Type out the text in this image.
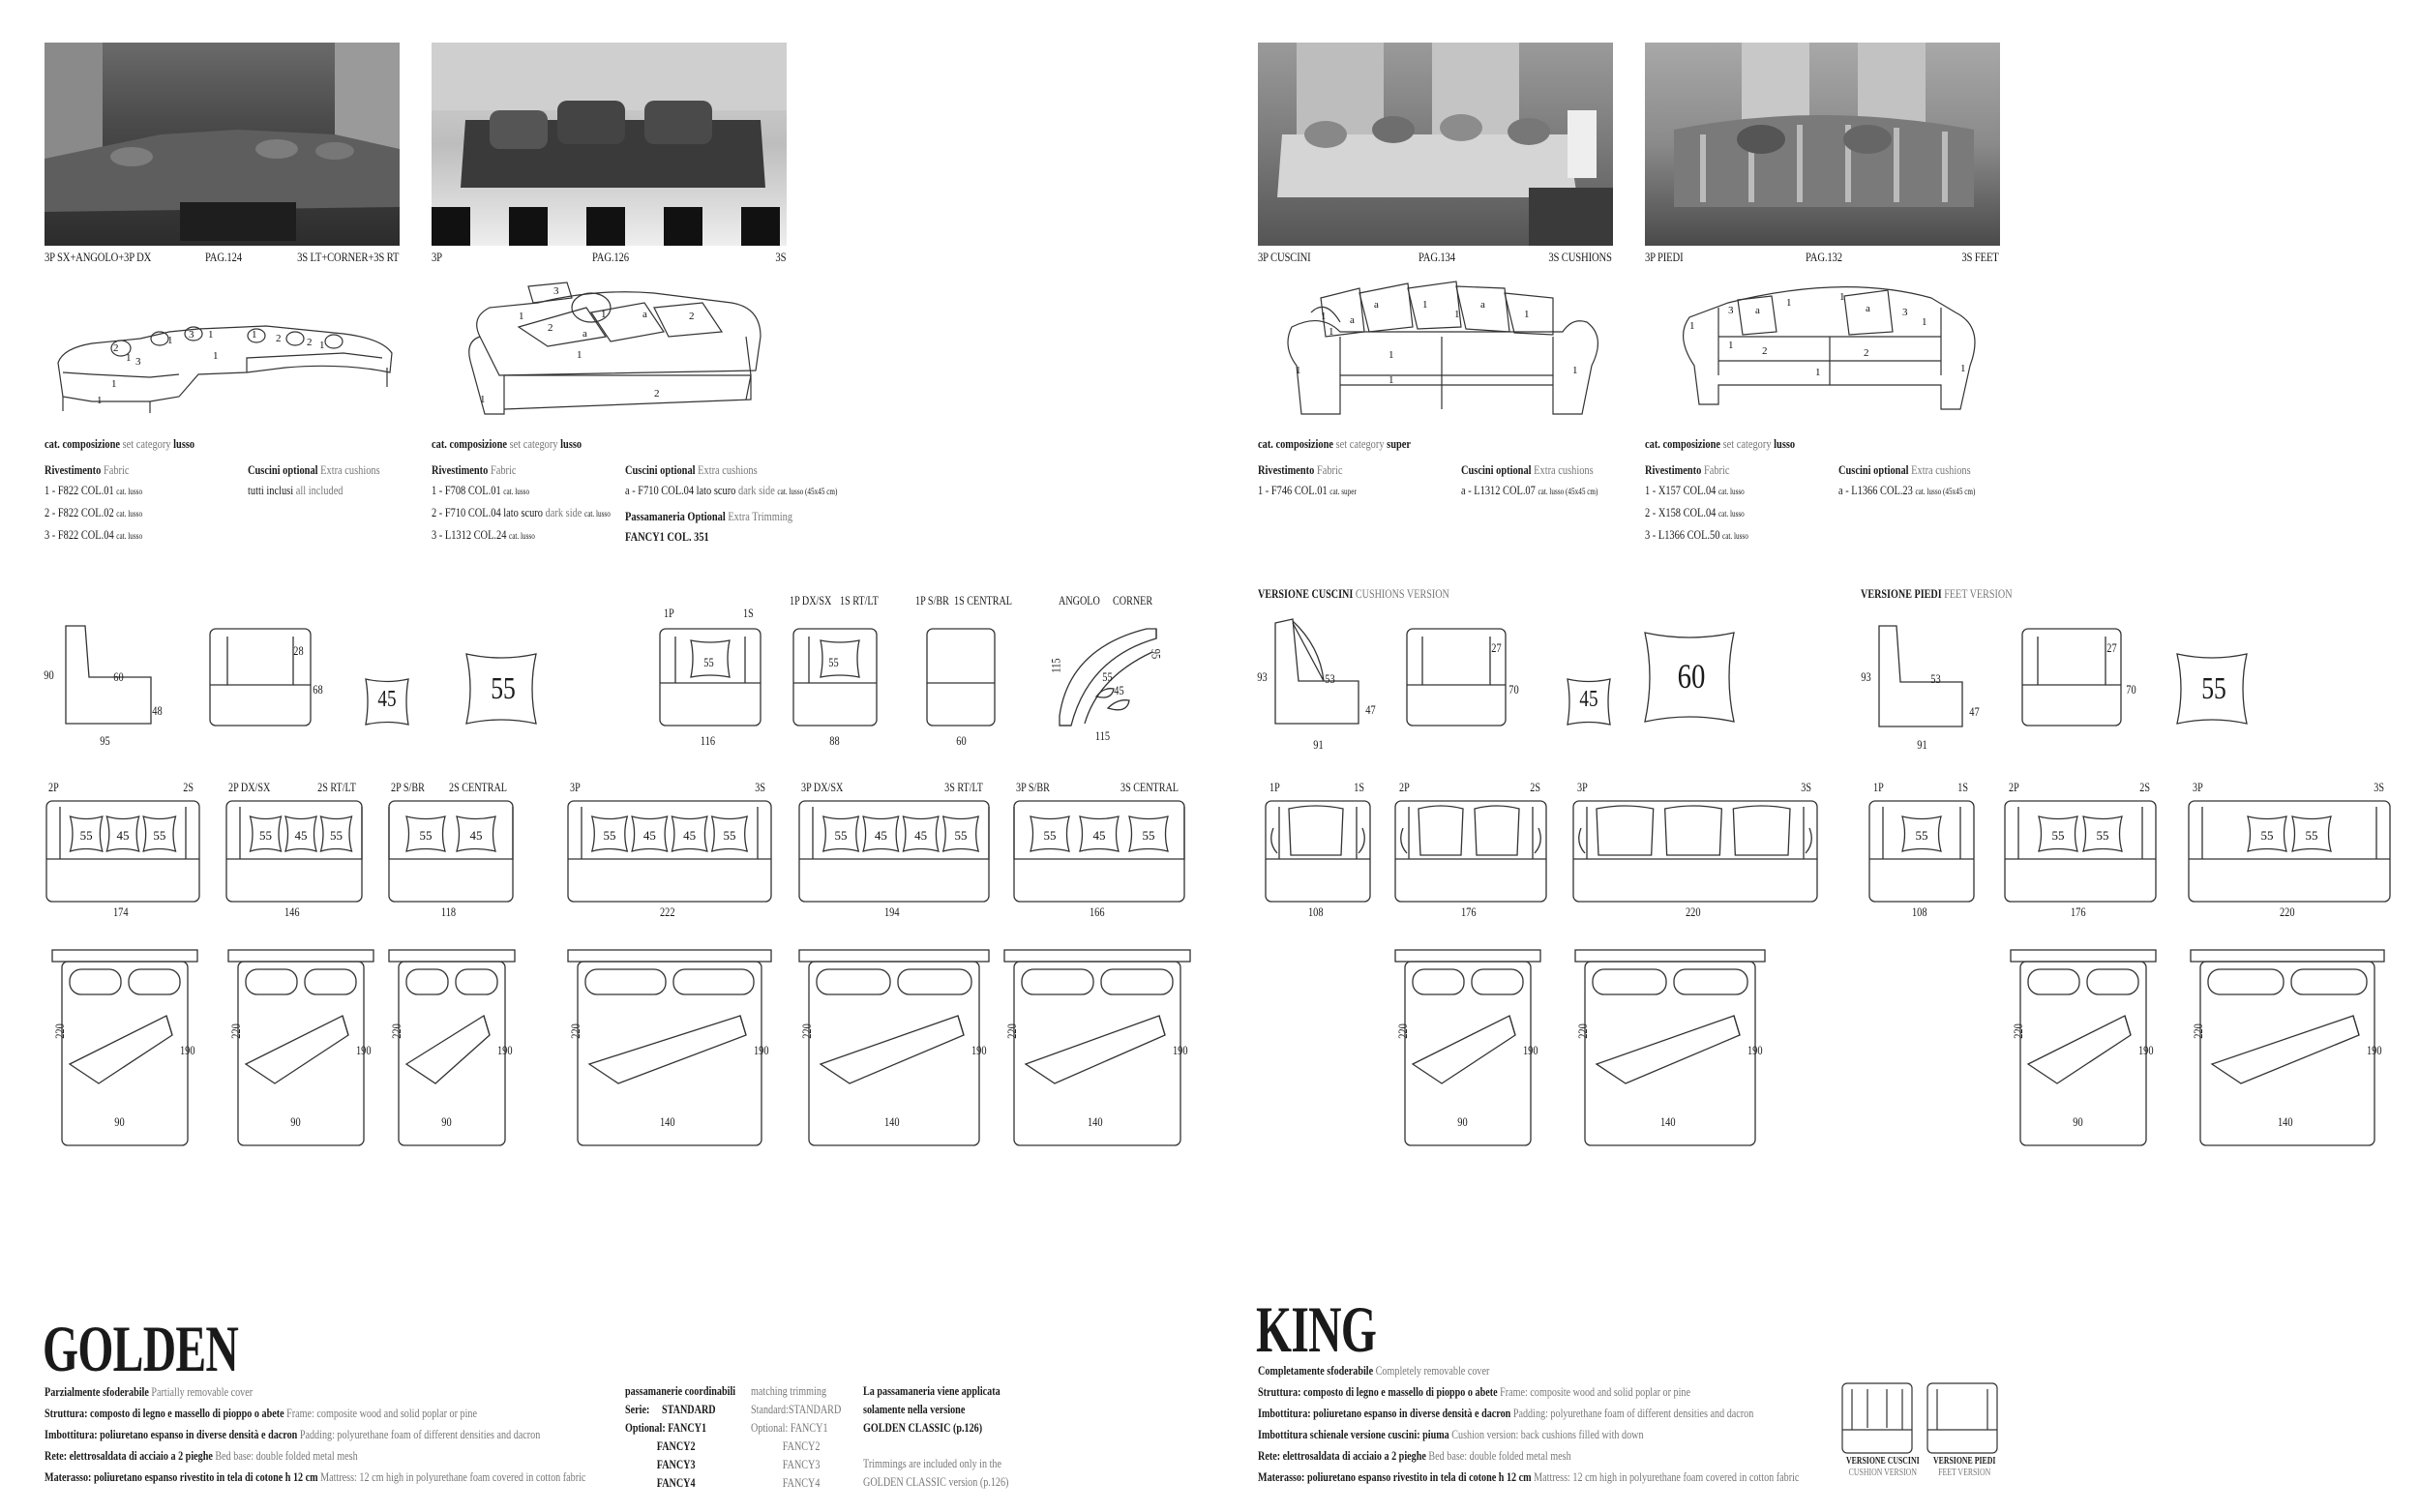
3P SX+ANGOLO+3P DX	PAG.124	3S LT+CORNER+3S RT	3P	PAG.126	3S
2
1 3
1 3 1	1 2 2 1
1
1
1
3
1
2	a
1	a	2
1
2
1
cat. composizione set category lusso
Rivestimento Fabric
1 - F822 COL.01 cat. lusso
2 - F822 COL.02 cat. lusso
3 - F822 COL.04 cat. lusso
Cuscini optional Extra cushions
tutti inclusi all included
cat. composizione set category lusso
Rivestimento Fabric
1 - F708 COL.01 cat. lusso
2 - F710 COL.04 lato scuro dark side cat. lusso
3 - L1312 COL.24 cat. lusso
Cuscini optional Extra cushions
a - F710 COL.04 lato scuro dark side cat. lusso (45x45 cm)
Passamaneria Optional Extra Trimming
FANCY1 COL. 351
3P CUSCINI	PAG.134	3S CUSHIONS	3P PIEDI	PAG.132	3S FEET
1 a
a	1
1
a
1
1
1
1	1
1
3 a
1	1
a	3
2	2
1
1
1	1
1
cat. composizione set category super
Rivestimento Fabric
1 - F746 COL.01 cat. super
Cuscini optional Extra cushions
a - L1312 COL.07 cat. lusso (45x45 cm)
cat. composizione set category lusso
Rivestimento Fabric
1 - X157 COL.04 cat. lusso
2 - X158 COL.04 cat. lusso
3 - L1366 COL.50 cat. lusso
Cuscini optional Extra cushions
a - L1366 COL.23 cat. lusso (45x45 cm)
90	60
48
95
28
68 45	55
1P	1S
55
116
1P DX/SX 1S RT/LT
55
88
1P S/BR 1S CENTRAL
60
ANGOLO CORNER
115
95
55
45
115
2P	2S
55 45 55
174
2P DX/SX	2S RT/LT
55 45 55
146
2P S/BR 2S CENTRAL
55	45
118
3P	3S
55 45 45 55
222
3P DX/SX	3S RT/LT
55 45 45 55
194
3P S/BR	3S CENTRAL
55	45	55
166
220
190
90
220
190
90
220
190
90
220
190
140
220
190
140
220
190
140
VERSIONE CUSCINI CUSHIONS VERSION
93	53
47
91
27
70	45
60
VERSIONE PIEDI FEET VERSION
93	53
47
91
27
70 55
1P	1S
108
2P	2S
176
3P	3S
220
1P	1S
55
108
2P	2S
55	55
176
3P	3S
55	55
220
220
190
90
220
190
140
220
190
90
220
190
140
GOLDEN
Parzialmente sfoderabile Partially removable cover
Struttura: composto di legno e massello di pioppo o abete Frame: composite wood and solid poplar or pine
Imbottitura: poliuretano espanso in diverse densità e dacron Padding: polyurethane foam of different densities and dacron
Rete: elettrosaldata di acciaio a 2 pieghe Bed base: double folded metal mesh
Materasso: poliuretano espanso rivestito in tela di cotone h 12 cm Mattress: 12 cm high in polyurethane foam covered in cotton fabric
passamanerie coordinabili
Serie: STANDARD
Optional: FANCY1
FANCY2
FANCY3
FANCY4
matching trimming
Standard:STANDARD
Optional: FANCY1
FANCY2
FANCY3
FANCY4
La passamaneria viene applicata
solamente nella versione
GOLDEN CLASSIC (p.126)
Trimmings are included only in the
GOLDEN CLASSIC version (p.126)
KING
Completamente sfoderabile Completely removable cover
Struttura: composto di legno e massello di pioppo o abete Frame: composite wood and solid poplar or pine
Imbottitura: poliuretano espanso in diverse densità e dacron Padding: polyurethane foam of different densities and dacron
Imbottitura schienale versione cuscini: piuma Cushion version: back cushions filled with down
Rete: elettrosaldata di acciaio a 2 pieghe Bed base: double folded metal mesh
Materasso: poliuretano espanso rivestito in tela di cotone h 12 cm Mattress: 12 cm high in polyurethane foam covered in cotton fabric
VERSIONE CUSCINI
CUSHION VERSION
VERSIONE PIEDI
FEET VERSION
